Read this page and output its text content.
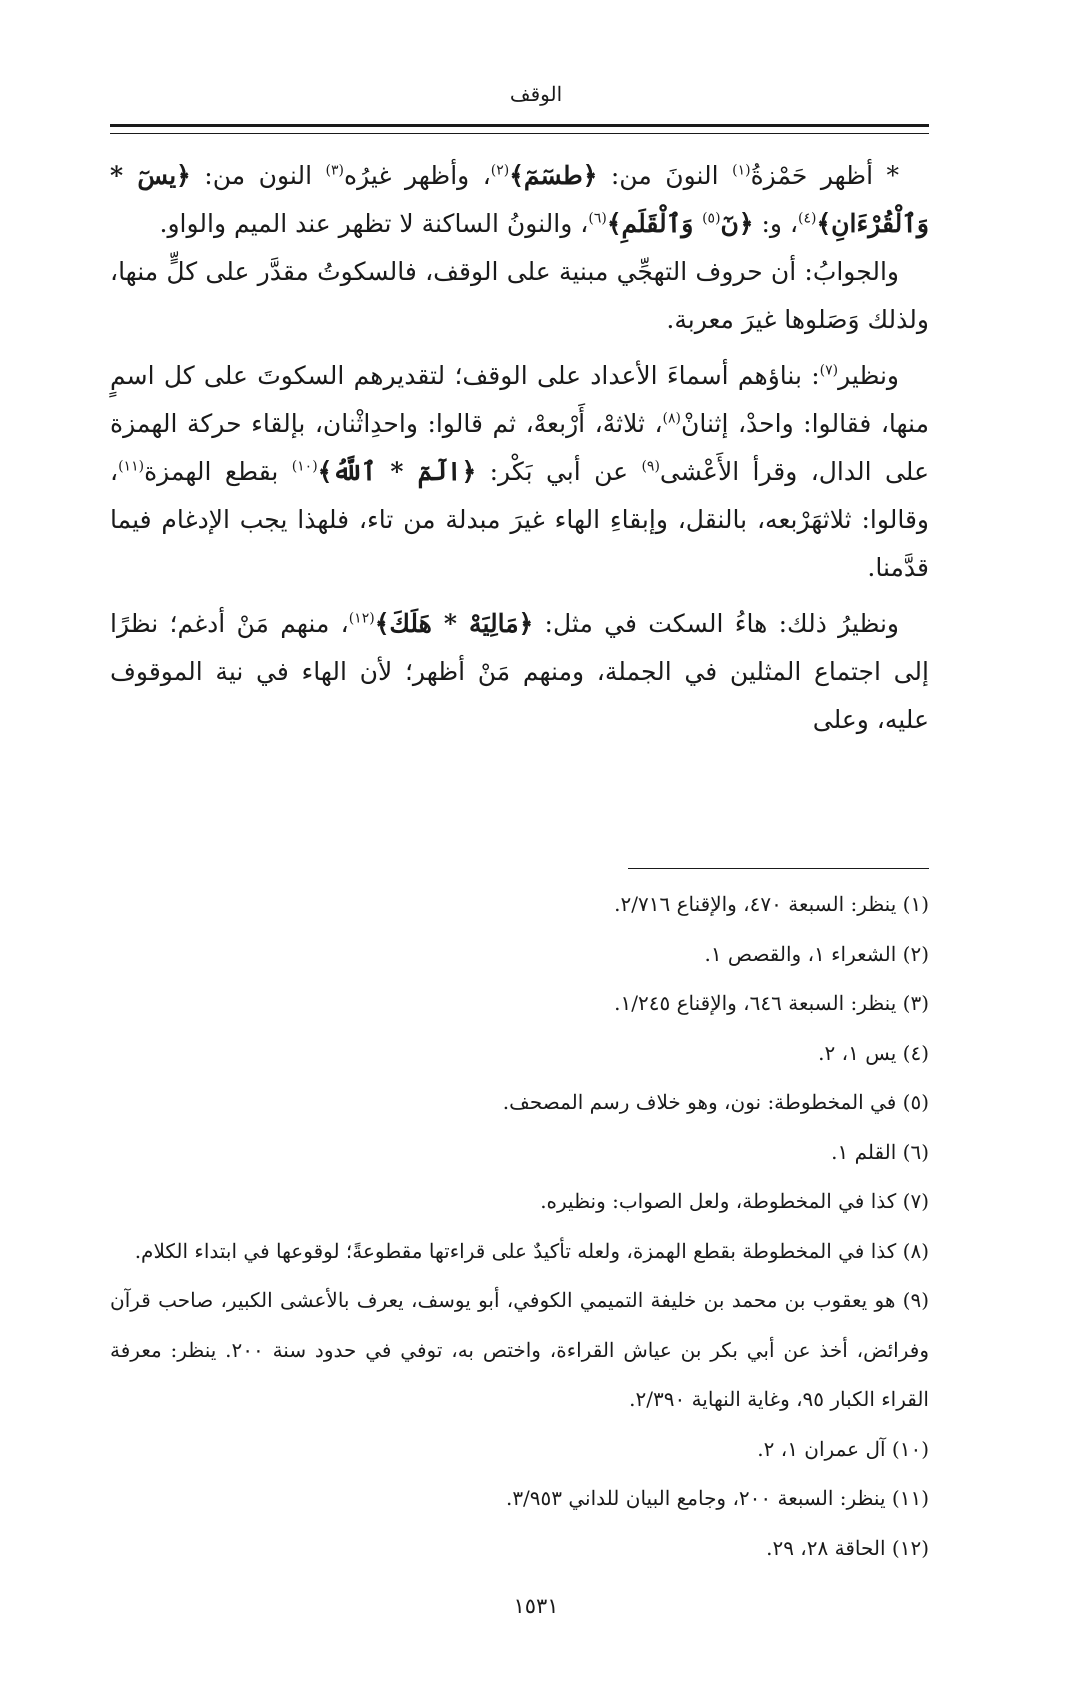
الوقف

* أظهر حَمْزةُ$^{(١)}$ النونَ من: ﴿طسٓمٓ﴾$^{(٢)}$، وأظهر غيرُه$^{(٣)}$ النون من: ﴿يسٓ * وَٱلْقُرْءَانِ﴾$^{(٤)}$، و: ﴿نٓ$^{(٥)}$ وَٱلْقَلَمِ﴾$^{(٦)}$، والنونُ الساكنة لا تظهر عند الميم والواو.

والجوابُ: أن حروف التهجِّي مبنية على الوقف، فالسكوتُ مقدَّر على كلٍّ منها، ولذلك وَصَلوها غيرَ معربة.

ونظير$^{(٧)}$: بناؤهم أسماءَ الأعداد على الوقف؛ لتقديرهم السكوتَ على كل اسمٍ منها، فقالوا: واحدْ، إثنانْ$^{(٨)}$، ثلاثهْ، أَرْبعهْ، ثم قالوا: واحدِاثْنان، بإلقاء حركة الهمزة على الدال، وقرأ الأَعْشى$^{(٩)}$ عن أبي بَكْر: ﴿الٓمٓ * ٱللَّهُ﴾$^{(١٠)}$ بقطع الهمزة$^{(١١)}$، وقالوا: ثلاثهَرْبعه، بالنقل، وإبقاءِ الهاء غيرَ مبدلة من تاء، فلهذا يجب الإدغام فيما قدَّمنا.

ونظيرُ ذلك: هاءُ السكت في مثل: ﴿مَالِيَهْ * هَلَكَ﴾$^{(١٢)}$، منهم مَنْ أدغم؛ نظرًا إلى اجتماع المثلين في الجملة، ومنهم مَنْ أظهر؛ لأن الهاء في نية الموقوف عليه، وعلى

(١) ينظر: السبعة ٤٧٠، والإقناع ٢/٧١٦.
(٢) الشعراء ١، والقصص ١.
(٣) ينظر: السبعة ٦٤٦، والإقناع ١/٢٤٥.
(٤) يس ١، ٢.
(٥) في المخطوطة: نون، وهو خلاف رسم المصحف.
(٦) القلم ١.
(٧) كذا في المخطوطة، ولعل الصواب: ونظيره.
(٨) كذا في المخطوطة بقطع الهمزة، ولعله تأكيدٌ على قراءتها مقطوعةً؛ لوقوعها في ابتداء الكلام.
(٩) هو يعقوب بن محمد بن خليفة التميمي الكوفي، أبو يوسف، يعرف بالأعشى الكبير، صاحب قرآن وفرائض، أخذ عن أبي بكر بن عياش القراءة، واختص به، توفي في حدود سنة ٢٠٠. ينظر: معرفة القراء الكبار ٩٥، وغاية النهاية ٢/٣٩٠.
(١٠) آل عمران ١، ٢.
(١١) ينظر: السبعة ٢٠٠، وجامع البيان للداني ٣/٩٥٣.
(١٢) الحاقة ٢٨، ٢٩.
١٥٣١
